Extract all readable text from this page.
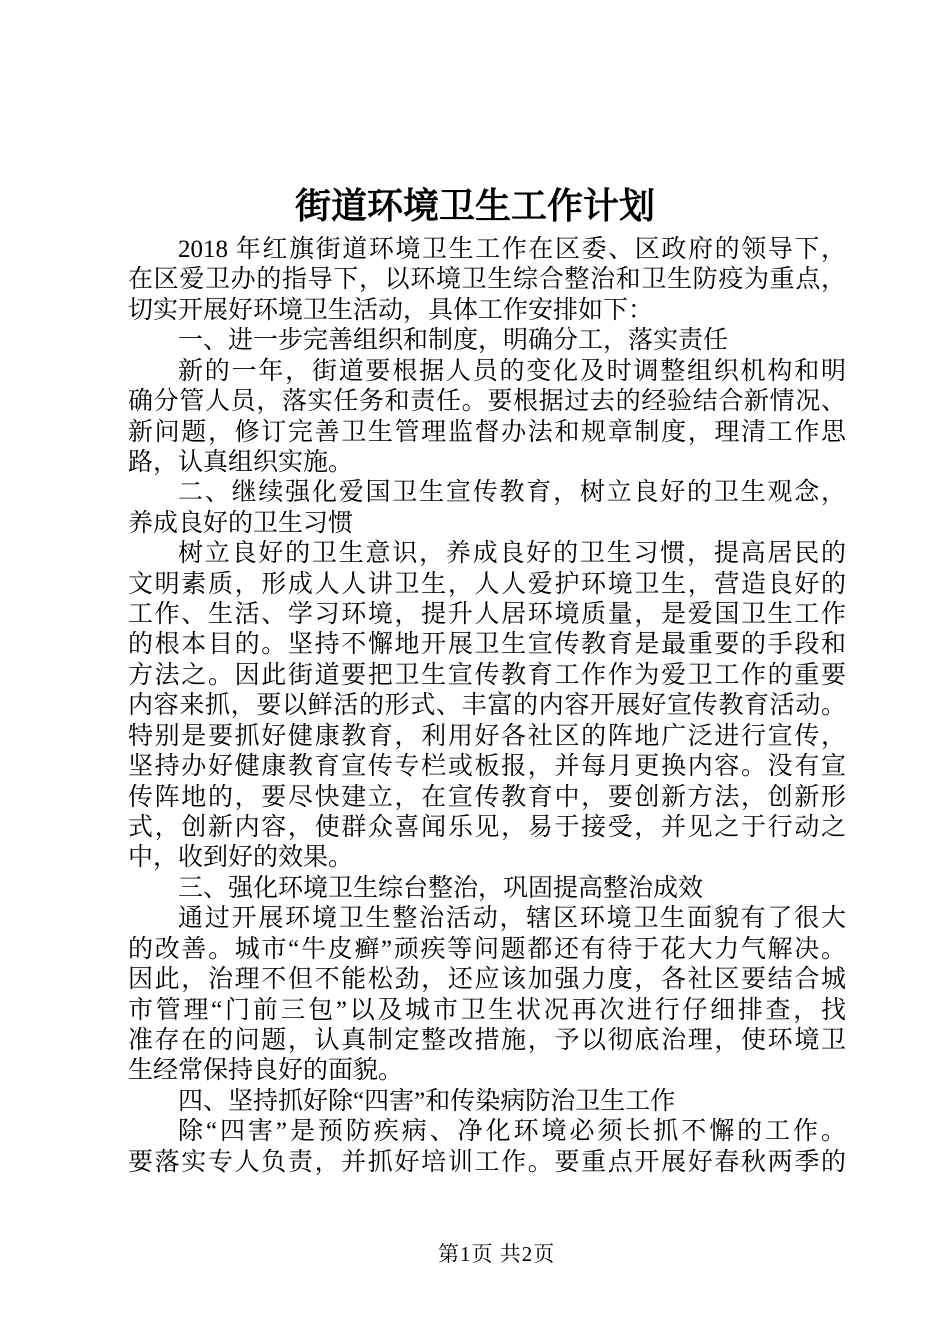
街道环境卫生工作计划
2018 年红旗街道环境卫生工作在区委、区政府的领导下，
在区爱卫办的指导下，以环境卫生综合整治和卫生防疫为重点，
切实开展好环境卫生活动，具体工作安排如下：
一、进一步完善组织和制度，明确分工，落实责任
新的一年，街道要根据人员的变化及时调整组织机构和明
确分管人员，落实任务和责任。要根据过去的经验结合新情况、
新问题，修订完善卫生管理监督办法和规章制度，理清工作思
路，认真组织实施。
二、继续强化爱国卫生宣传教育，树立良好的卫生观念，
养成良好的卫生习惯
树立良好的卫生意识，养成良好的卫生习惯，提高居民的
文明素质，形成人人讲卫生，人人爱护环境卫生，营造良好的
工作、生活、学习环境，提升人居环境质量，是爱国卫生工作
的根本目的。坚持不懈地开展卫生宣传教育是最重要的手段和
方法之。因此街道要把卫生宣传教育工作作为爱卫工作的重要
内容来抓，要以鲜活的形式、丰富的内容开展好宣传教育活动。
特别是要抓好健康教育，利用好各社区的阵地广泛进行宣传，
坚持办好健康教育宣传专栏或板报，并每月更换内容。没有宣
传阵地的，要尽快建立，在宣传教育中，要创新方法，创新形
式，创新内容，使群众喜闻乐见，易于接受，并见之于行动之
中，收到好的效果。
三、强化环境卫生综台整治，巩固提高整治成效
通过开展环境卫生整治活动，辖区环境卫生面貌有了很大
的改善。城市“牛皮癣”顽疾等问题都还有待于花大力气解决。
因此，治理不但不能松劲，还应该加强力度，各社区要结合城
市管理“门前三包”以及城市卫生状况再次进行仔细排查，找
准存在的问题，认真制定整改措施，予以彻底治理，使环境卫
生经常保持良好的面貌。
四、坚持抓好除“四害”和传染病防治卫生工作
除“四害”是预防疾病、净化环境必须长抓不懈的工作。
要落实专人负责，并抓好培训工作。要重点开展好春秋两季的
第1页 共2页
